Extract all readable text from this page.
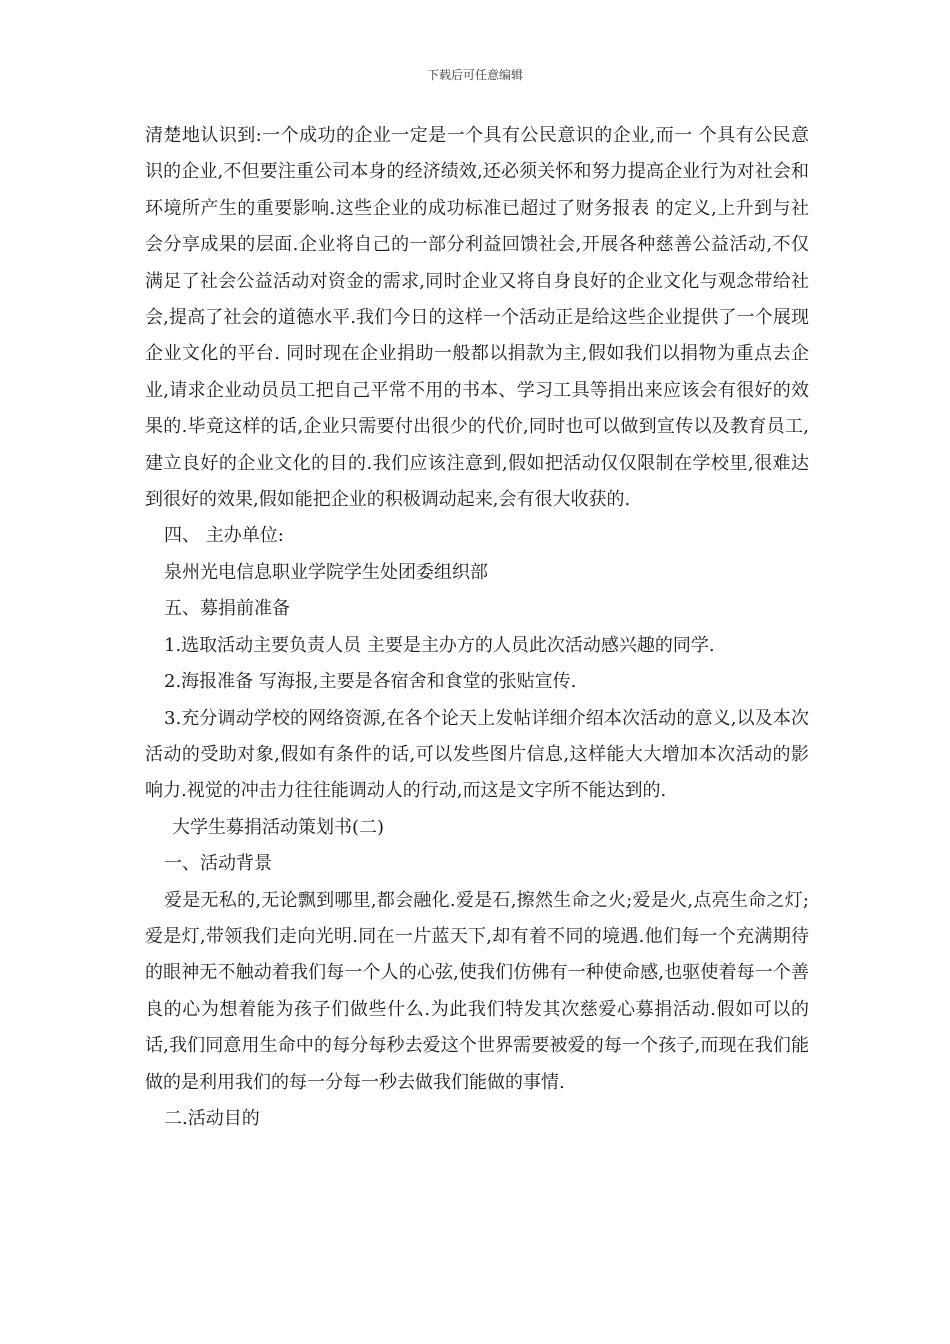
下载后可任意编辑

清楚地认识到:一个成功的企业一定是一个具有公民意识的企业,而一 个具有公民意识的企业,不但要注重公司本身的经济绩效,还必须关怀和努力提高企业行为对社会和环境所产生的重要影响.这些企业的成功标准已超过了财务报表 的定义,上升到与社会分享成果的层面.企业将自己的一部分利益回馈社会,开展各种慈善公益活动,不仅满足了社会公益活动对资金的需求,同时企业又将自身良好的企业文化与观念带给社会,提高了社会的道德水平.我们今日的这样一个活动正是给这些企业提供了一个展现企业文化的平台. 同时现在企业捐助一般都以捐款为主,假如我们以捐物为重点去企业,请求企业动员员工把自己平常不用的书本、学习工具等捐出来应该会有很好的效果的.毕竟这样的话,企业只需要付出很少的代价,同时也可以做到宣传以及教育员工,建立良好的企业文化的目的.我们应该注意到,假如把活动仅仅限制在学校里,很难达到很好的效果,假如能把企业的积极调动起来,会有很大收获的.

四、 主办单位:

泉州光电信息职业学院学生处团委组织部

五、募捐前准备

1.选取活动主要负责人员 主要是主办方的人员此次活动感兴趣的同学.

2.海报准备 写海报,主要是各宿舍和食堂的张贴宣传.

3.充分调动学校的网络资源,在各个论天上发帖详细介绍本次活动的意义,以及本次活动的受助对象,假如有条件的话,可以发些图片信息,这样能大大增加本次活动的影响力.视觉的冲击力往往能调动人的行动,而这是文字所不能达到的.

大学生募捐活动策划书(二)

一、活动背景

爱是无私的,无论飘到哪里,都会融化.爱是石,擦然生命之火;爱是火,点亮生命之灯;爱是灯,带领我们走向光明.同在一片蓝天下,却有着不同的境遇.他们每一个充满期待的眼神无不触动着我们每一个人的心弦,使我们仿佛有一种使命感,也驱使着每一个善良的心为想着能为孩子们做些什么.为此我们特发其次慈爱心募捐活动.假如可以的话,我们同意用生命中的每分每秒去爱这个世界需要被爱的每一个孩子,而现在我们能做的是利用我们的每一分每一秒去做我们能做的事情.

二.活动目的
